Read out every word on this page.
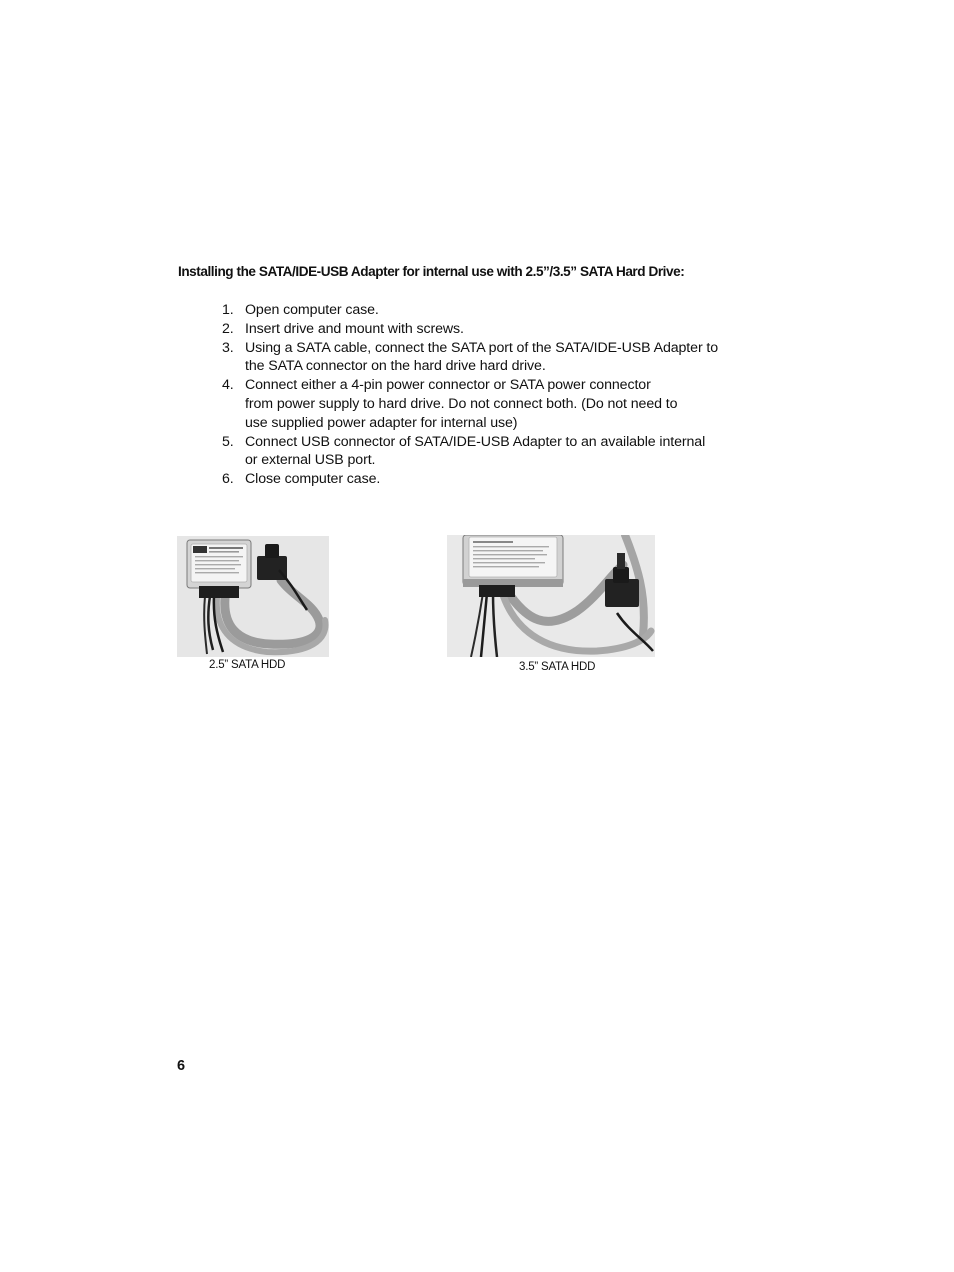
Installing the SATA/IDE-USB Adapter for internal use with 2.5”/3.5” SATA Hard Drive:
1. Open computer case.
2. Insert drive and mount with screws.
3. Using a SATA cable, connect the SATA port of the SATA/IDE-USB Adapter to
the SATA connector on the hard drive hard drive.
4. Connect either a 4-pin power connector or SATA power connector
from power supply to hard drive. Do not connect both. (Do not need to
use supplied power adapter for internal use)
5. Connect USB connector of SATA/IDE-USB Adapter to an available internal
or external USB port.
6. Close computer case.
2.5” SATA HDD	3.5” SATA HDD
6
